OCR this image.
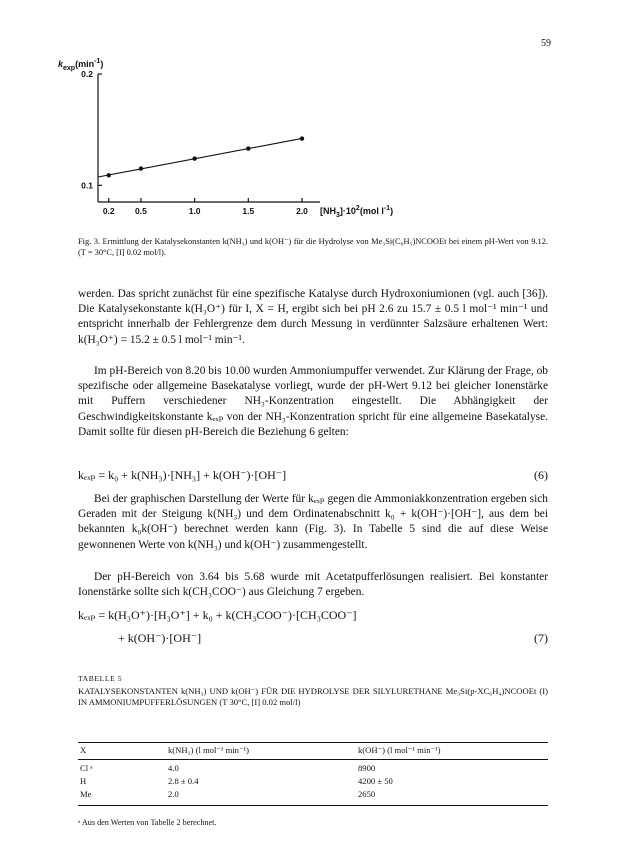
59
0.2 0.5	1.0	1.5	2.0
0.1
0.2
$k_{exp}(\min^{-1})$
$[NH_3]\cdot 10^2(mol$ $l^{-1}$)
Fig. 3. Ermittlung der Katalysekonstanten k(NH₃) und k(OH⁻) für die Hydrolyse von Me₃Si(C₆H₅)NCOOEt bei einem pH-Wert von 9.12. (T = 30°C, [I] 0.02 mol/l).

werden. Das spricht zunächst für eine spezifische Katalyse durch Hydroxoniumionen (vgl. auch [36]). Die Katalysekonstante k(H₃O⁺) für I, X = H, ergibt sich bei pH 2.6 zu 15.7 ± 0.5 l mol⁻¹ min⁻¹ und entspricht innerhalb der Fehlergrenze dem durch Messung in verdünnter Salzsäure erhaltenen Wert: k(H₃O⁺) = 15.2 ± 0.5 l mol⁻¹ min⁻¹.

Im pH-Bereich von 8.20 bis 10.00 wurden Ammoniumpuffer verwendet. Zur Klärung der Frage, ob spezifische oder allgemeine Basekatalyse vorliegt, wurde der pH-Wert 9.12 bei gleicher Ionenstärke mit Puffern verschiedener NH₃-Konzentration eingestellt. Die Abhängigkeit der Geschwindigkeitskonstante kₑₓₚ von der NH₃-Konzentration spricht für eine allgemeine Basekatalyse. Damit sollte für diesen pH-Bereich die Beziehung 6 gelten:

kₑₓₚ = k₀ + k(NH₃)·[NH₃] + k(OH⁻)·[OH⁻]	(6)

Bei der graphischen Darstellung der Werte für kₑₓₚ gegen die Ammoniakkonzentration ergeben sich Geraden mit der Steigung k(NH₃) und dem Ordinatenabschnitt k₀ + k(OH⁻)·[OH⁻], aus dem bei bekannten k₀k(OH⁻) berechnet werden kann (Fig. 3). In Tabelle 5 sind die auf diese Weise gewonnenen Werte von k(NH₃) und k(OH⁻) zusammengestellt.

Der pH-Bereich von 3.64 bis 5.68 wurde mit Acetatpufferlösungen realisiert. Bei konstanter Ionenstärke sollte sich k(CH₃COO⁻) aus Gleichung 7 ergeben.

kₑₓₚ = k(H₃O⁺)·[H₃O⁺] + k₀ + k(CH₃COO⁻)·[CH₃COO⁻]
+ k(OH⁻)·[OH⁻]	(7)
TABELLE 5
KATALYSEKONSTANTEN k(NH₃) UND k(OH⁻) FÜR DIE HYDROLYSE DER SILYLURETHANE Me₃Si(p-XC₆H₄)NCOOEt (I) IN AMMONIUMPUFFERLÖSUNGEN (T 30°C, [I] 0.02 mol/l)
X	k(NH₃) (l mol⁻¹ min⁻¹)	k(OH⁻) (l mol⁻¹ min⁻¹)
Cl ᵃ	4.0	8900
H	2.8 ± 0.4	4200 ± 50
Me	2.0	2650
ᵃ Aus den Werten von Tabelle 2 berechnet.
